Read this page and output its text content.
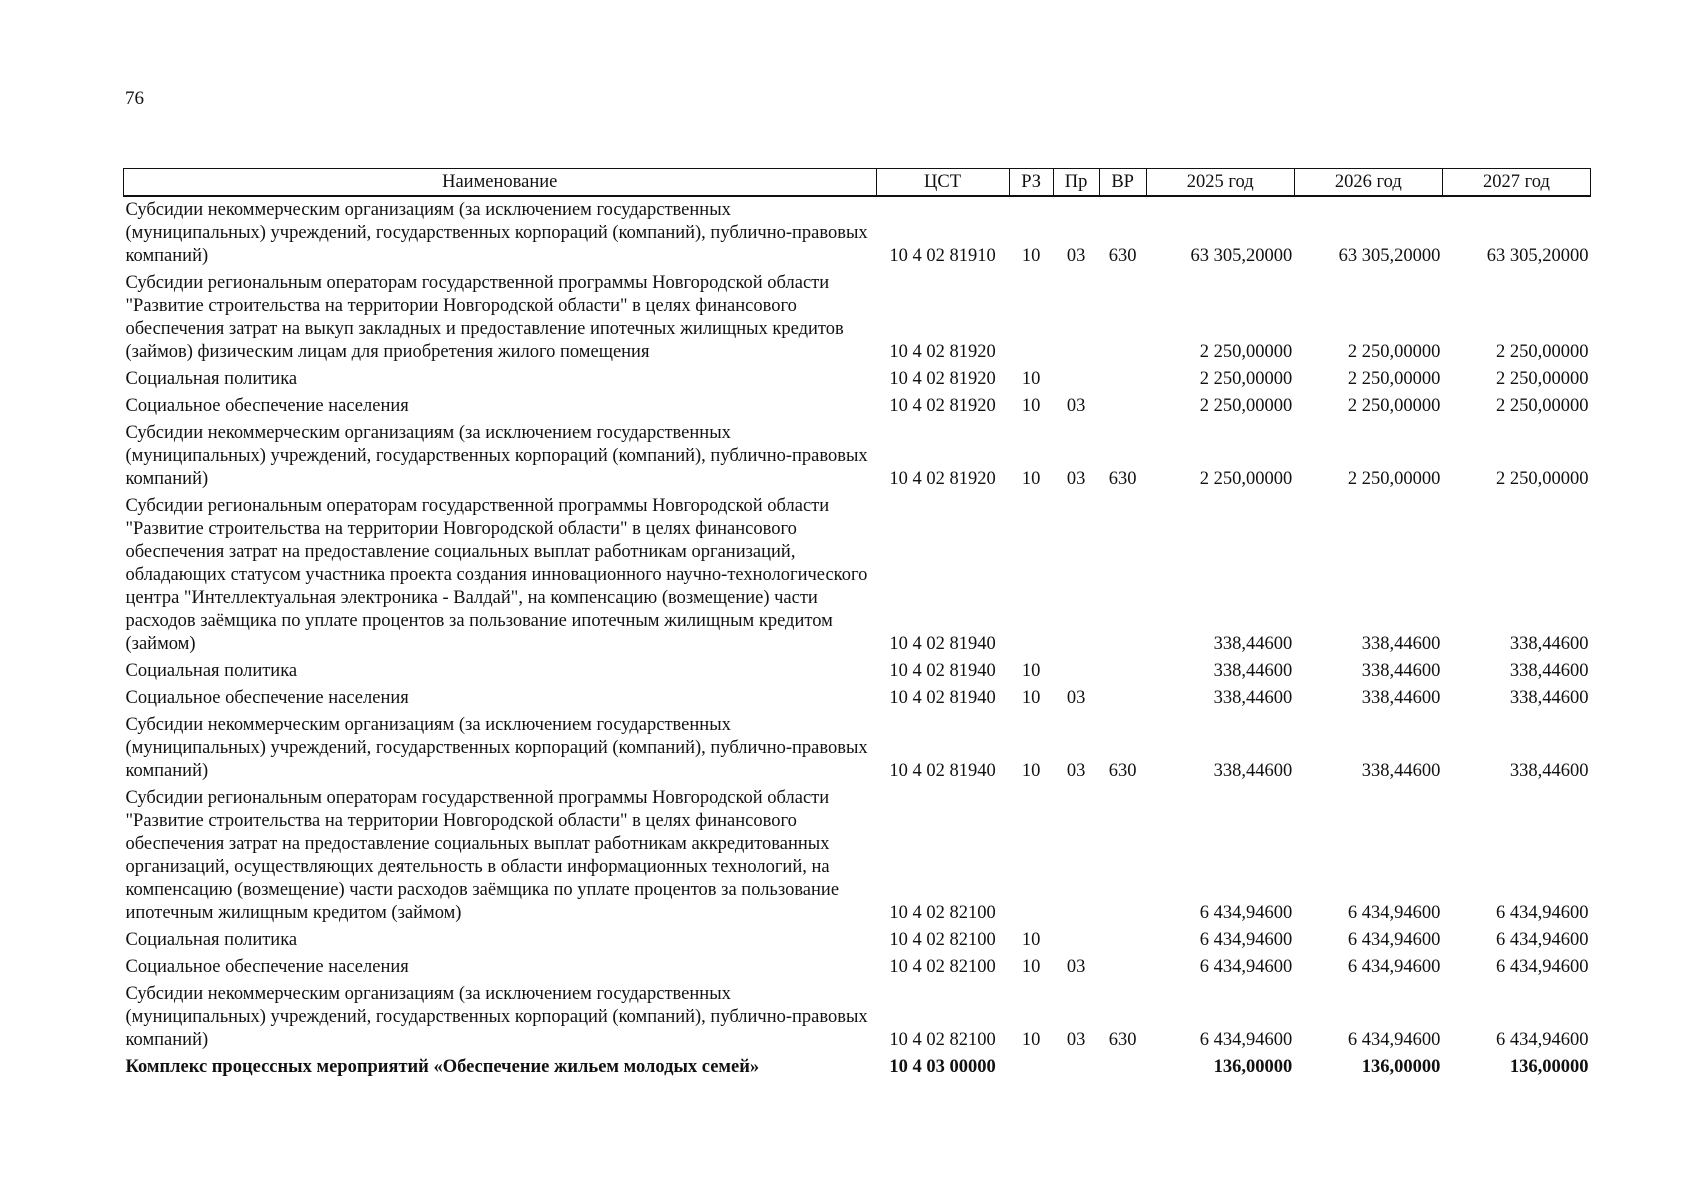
76
Наименование	ЦСТ	РЗ	Пр	ВР	2025 год	2026 год	2027 год
Субсидии некоммерческим организациям (за исключением государственных (муниципальных) учреждений, государственных корпораций (компаний), публично-правовых компаний)	10 4 02 81910	10	03	630	63 305,20000	63 305,20000	63 305,20000
Субсидии региональным операторам государственной программы Новгородской области "Развитие строительства на территории Новгородской области" в целях финансового обеспечения затрат на выкуп закладных и предоставление ипотечных жилищных кредитов (займов) физическим лицам для приобретения жилого помещения	10 4 02 81920				2 250,00000	2 250,00000	2 250,00000
Социальная политика	10 4 02 81920	10			2 250,00000	2 250,00000	2 250,00000
Социальное обеспечение населения	10 4 02 81920	10	03		2 250,00000	2 250,00000	2 250,00000
Субсидии некоммерческим организациям (за исключением государственных (муниципальных) учреждений, государственных корпораций (компаний), публично-правовых компаний)	10 4 02 81920	10	03	630	2 250,00000	2 250,00000	2 250,00000
Субсидии региональным операторам государственной программы Новгородской области "Развитие строительства на территории Новгородской области" в целях финансового обеспечения затрат на предоставление социальных выплат работникам организаций, обладающих статусом участника проекта создания инновационного научно-технологического центра "Интеллектуальная электроника - Валдай", на компенсацию (возмещение) части расходов заёмщика по уплате процентов за пользование ипотечным жилищным кредитом (займом)	10 4 02 81940				338,44600	338,44600	338,44600
Социальная политика	10 4 02 81940	10			338,44600	338,44600	338,44600
Социальное обеспечение населения	10 4 02 81940	10	03		338,44600	338,44600	338,44600
Субсидии некоммерческим организациям (за исключением государственных (муниципальных) учреждений, государственных корпораций (компаний), публично-правовых компаний)	10 4 02 81940	10	03	630	338,44600	338,44600	338,44600
Субсидии региональным операторам государственной программы Новгородской области "Развитие строительства на территории Новгородской области" в целях финансового обеспечения затрат на предоставление социальных выплат работникам аккредитованных организаций, осуществляющих деятельность в области информационных технологий, на компенсацию (возмещение) части расходов заёмщика по уплате процентов за пользование ипотечным жилищным кредитом (займом)	10 4 02 82100				6 434,94600	6 434,94600	6 434,94600
Социальная политика	10 4 02 82100	10			6 434,94600	6 434,94600	6 434,94600
Социальное обеспечение населения	10 4 02 82100	10	03		6 434,94600	6 434,94600	6 434,94600
Субсидии некоммерческим организациям (за исключением государственных (муниципальных) учреждений, государственных корпораций (компаний), публично-правовых компаний)	10 4 02 82100	10	03	630	6 434,94600	6 434,94600	6 434,94600
Комплекс процессных мероприятий «Обеспечение жильем молодых семей»	10 4 03 00000				136,00000	136,00000	136,00000
